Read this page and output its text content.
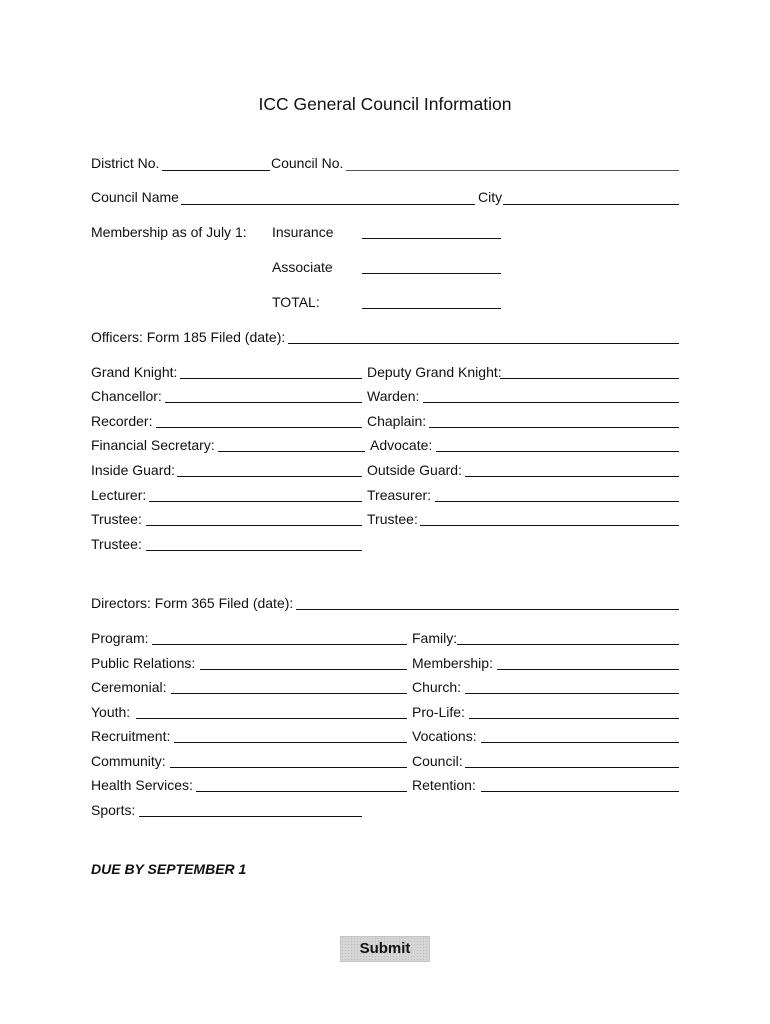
ICC General Council Information
District No.	Council No.
Council Name	City
Membership as of July 1: Insurance
Associate
TOTAL:
Officers: Form 185 Filed (date):
Grand Knight:	Deputy Grand Knight:
Chancellor:	Warden:
Recorder:	Chaplain:
Financial Secretary:	Advocate:
Inside Guard:	Outside Guard:
Lecturer:	Treasurer:
Trustee:	Trustee:
Trustee:
Directors: Form 365 Filed (date):
Program:	Family:
Public Relations:	Membership:
Ceremonial:	Church:
Youth:	Pro-Life:
Recruitment:	Vocations:
Community:	Council:
Health Services:	Retention:
Sports:
DUE BY SEPTEMBER 1
Submit
